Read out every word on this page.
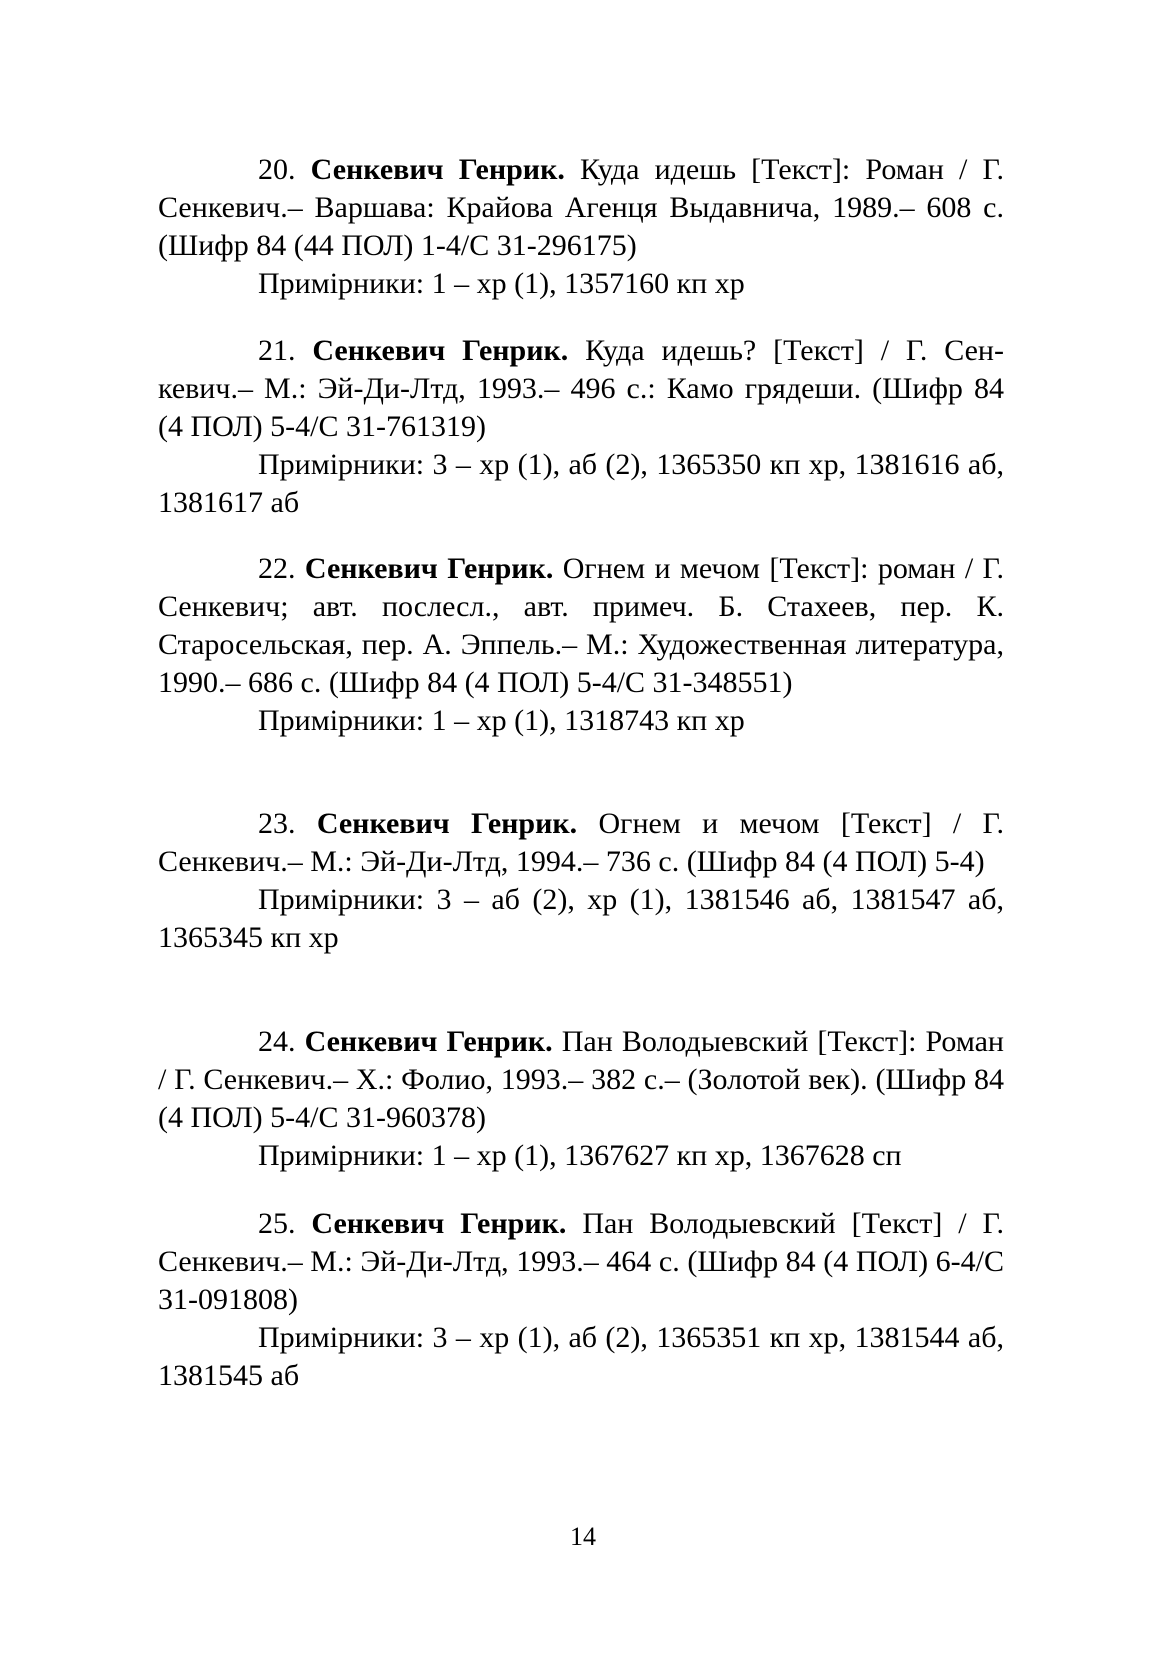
20. Сенкевич Генрик. Куда идешь [Текст]: Роман / Г. Сенкевич.– Варшава: Крайова Агенця Выдавнича, 1989.– 608 с. (Шифр 84 (44 ПОЛ) 1-4/С 31-296175)

Примірники: 1 – хр (1), 1357160 кп хр

21. Сенкевич Генрик. Куда идешь? [Текст] / Г. Сенкевич.– М.: Эй-Ди-Лтд, 1993.– 496 с.: Камо грядеши. (Шифр 84 (4 ПОЛ) 5-4/С 31-761319)

Примірники: 3 – хр (1), аб (2), 1365350 кп хр, 1381616 аб, 1381617 аб

22. Сенкевич Генрик. Огнем и мечом [Текст]: роман / Г. Сенкевич; авт. послесл., авт. примеч. Б. Стахеев, пер. К. Старосельская, пер. А. Эппель.– М.: Художественная литература, 1990.– 686 с. (Шифр 84 (4 ПОЛ) 5-4/С 31-348551)

Примірники: 1 – хр (1), 1318743 кп хр

23. Сенкевич Генрик. Огнем и мечом [Текст] / Г. Сенкевич.– М.: Эй-Ди-Лтд, 1994.– 736 с. (Шифр 84 (4 ПОЛ) 5-4)

Примірники: 3 – аб (2), хр (1), 1381546 аб, 1381547 аб, 1365345 кп хр

24. Сенкевич Генрик. Пан Володыевский [Текст]: Роман / Г. Сенкевич.– Х.: Фолио, 1993.– 382 с.– (Золотой век). (Шифр 84 (4 ПОЛ) 5-4/С 31-960378)

Примірники: 1 – хр (1), 1367627 кп хр, 1367628 сп

25. Сенкевич Генрик. Пан Володыевский [Текст] / Г. Сенкевич.– М.: Эй-Ди-Лтд, 1993.– 464 с. (Шифр 84 (4 ПОЛ) 6-4/С 31-091808)

Примірники: 3 – хр (1), аб (2), 1365351 кп хр, 1381544 аб, 1381545 аб

14
